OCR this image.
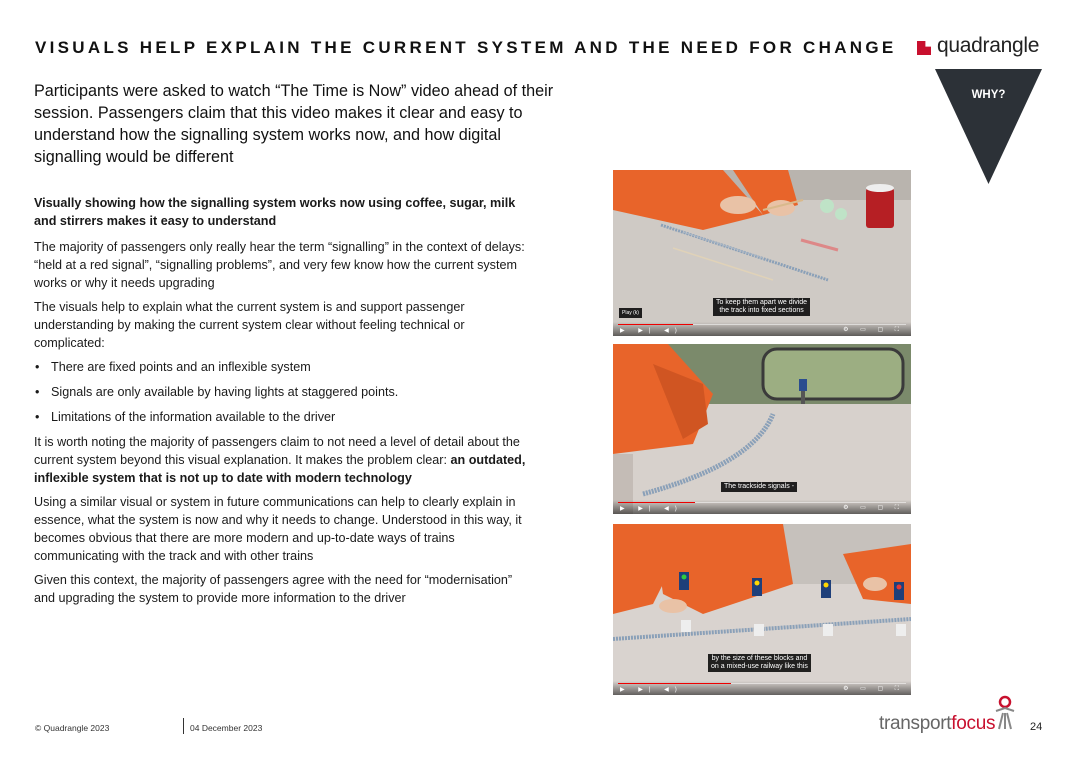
VISUALS HELP EXPLAIN THE CURRENT SYSTEM AND THE NEED FOR CHANGE quadrangle
Participants were asked to watch “The Time is Now” video ahead of their session. Passengers claim that this video makes it clear and easy to understand how the signalling system works now, and how digital signalling would be different
WHY?

Visually showing how the signalling system works now using coffee, sugar, milk and stirrers makes it easy to understand

The majority of passengers only really hear the term “signalling” in the context of delays: “held at a red signal”, “signalling problems”, and very few know how the current system works or why it needs upgrading

The visuals help to explain what the current system is and support passenger understanding by making the current system clear without feeling technical or complicated:

• There are fixed points and an inflexible system
• Signals are only available by having lights at staggered points.
• Limitations of the information available to the driver

It is worth noting the majority of passengers claim to not need a level of detail about the current system beyond this visual explanation. It makes the problem clear: an outdated, inflexible system that is not up to date with modern technology

Using a similar visual or system in future communications can help to clearly explain in essence, what the system is now and why it needs to change. Understood in this way, it becomes obvious that there are more modern and up-to-date ways of trains communicating with the track and with other trains

Given this context, the majority of passengers agree with the need for “modernisation” and upgrading the system to provide more information to the driver

To keep them apart we divide
the track into fixed sections
Play (k)
▶ ▶| ◀)	⚙ ▭ ▢ ⛶
The trackside signals -
▶ ▶| ◀)	⚙ ▭ ▢ ⛶
by the size of these blocks and
on a mixed-use railway like this
▶ ▶| ◀)	⚙ ▭ ▢ ⛶
© Quadrangle 2023	04 December 2023	transportfocus	24
